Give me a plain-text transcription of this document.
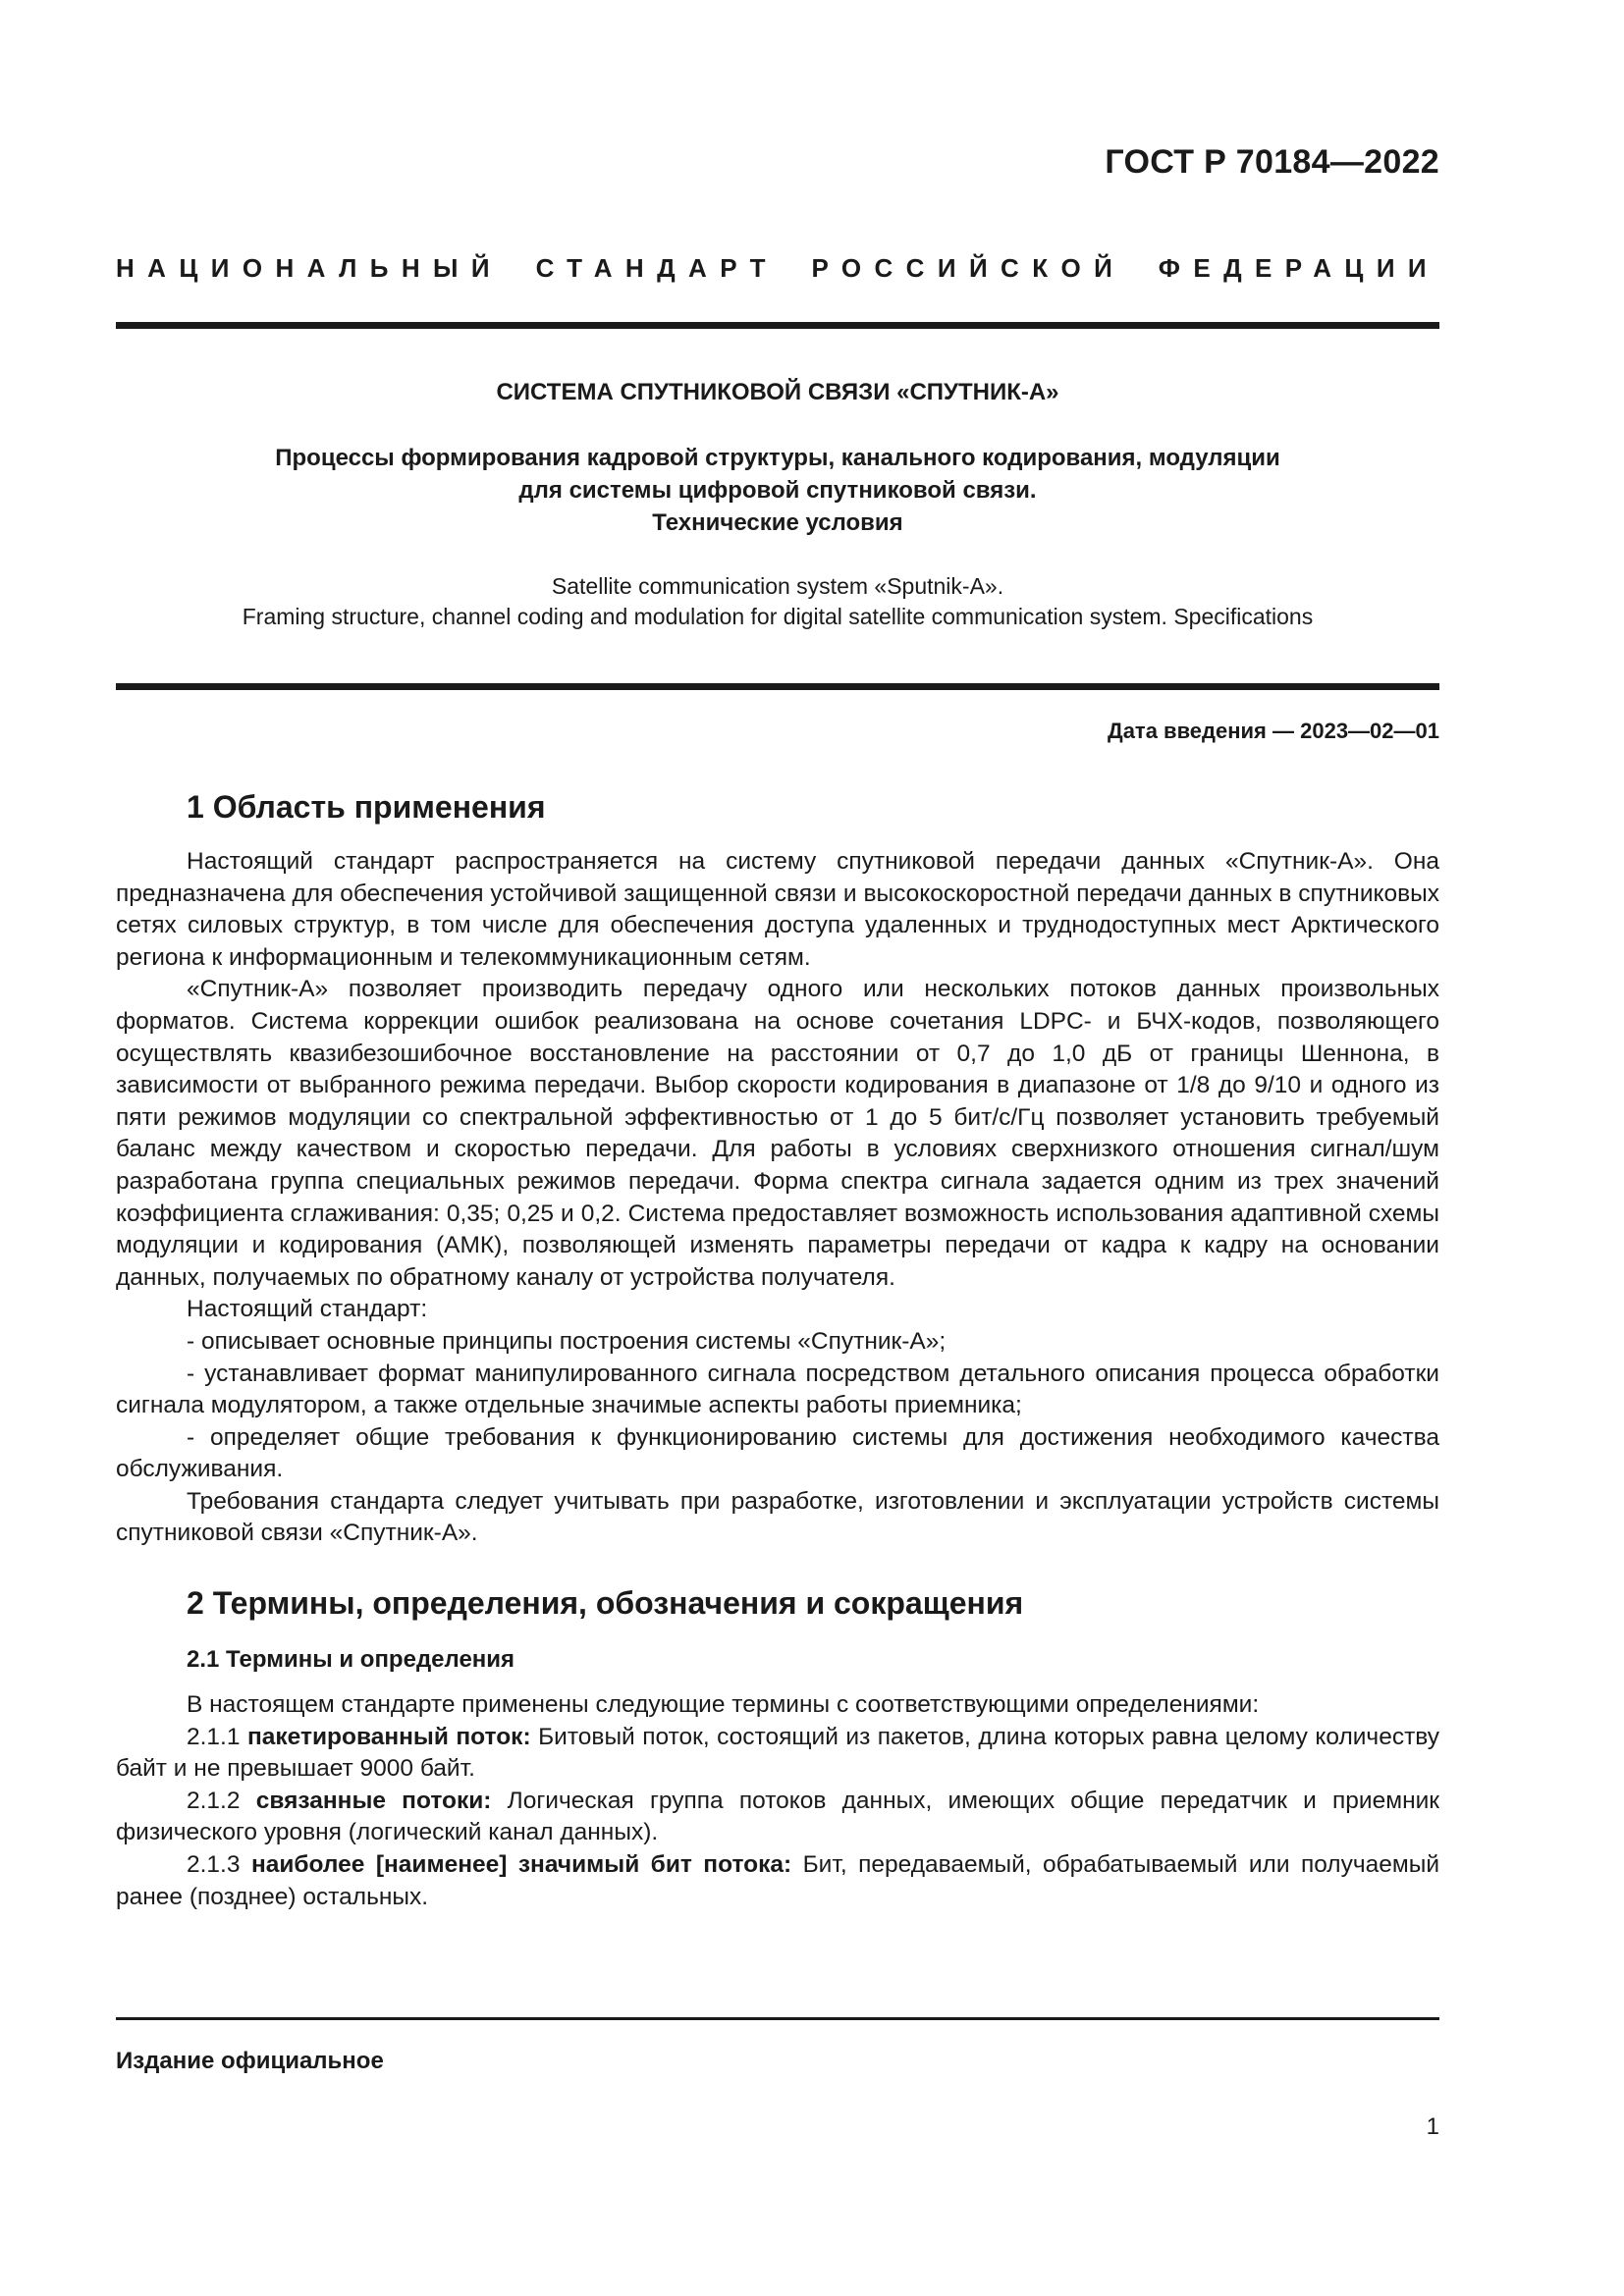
ГОСТ Р 70184—2022
НАЦИОНАЛЬНЫЙ СТАНДАРТ РОССИЙСКОЙ ФЕДЕРАЦИИ
СИСТЕМА СПУТНИКОВОЙ СВЯЗИ «СПУТНИК-А»
Процессы формирования кадровой структуры, канального кодирования, модуляции
для системы цифровой спутниковой связи.
Технические условия
Satellite communication system «Sputnik-A».
Framing structure, channel coding and modulation for digital satellite communication system. Specifications
Дата введения — 2023—02—01
1 Область применения

Настоящий стандарт распространяется на систему спутниковой передачи данных «Спутник-А». Она предназначена для обеспечения устойчивой защищенной связи и высокоскоростной передачи данных в спутниковых сетях силовых структур, в том числе для обеспечения доступа удаленных и труднодоступных мест Арктического региона к информационным и телекоммуникационным сетям.

«Спутник-А» позволяет производить передачу одного или нескольких потоков данных произвольных форматов. Система коррекции ошибок реализована на основе сочетания LDPC- и БЧХ-кодов, позволяющего осуществлять квазибезошибочное восстановление на расстоянии от 0,7 до 1,0 дБ от границы Шеннона, в зависимости от выбранного режима передачи. Выбор скорости кодирования в диапазоне от 1/8 до 9/10 и одного из пяти режимов модуляции со спектральной эффективностью от 1 до 5 бит/с/Гц позволяет установить требуемый баланс между качеством и скоростью передачи. Для работы в условиях сверхнизкого отношения сигнал/шум разработана группа специальных режимов передачи. Форма спектра сигнала задается одним из трех значений коэффициента сглаживания: 0,35; 0,25 и 0,2. Система предоставляет возможность использования адаптивной схемы модуляции и кодирования (АМК), позволяющей изменять параметры передачи от кадра к кадру на основании данных, получаемых по обратному каналу от устройства получателя.

Настоящий стандарт:

- описывает основные принципы построения системы «Спутник-А»;

- устанавливает формат манипулированного сигнала посредством детального описания процесса обработки сигнала модулятором, а также отдельные значимые аспекты работы приемника;

- определяет общие требования к функционированию системы для достижения необходимого качества обслуживания.

Требования стандарта следует учитывать при разработке, изготовлении и эксплуатации устройств системы спутниковой связи «Спутник-А».

2 Термины, определения, обозначения и сокращения
2.1 Термины и определения

В настоящем стандарте применены следующие термины с соответствующими определениями:

2.1.1 пакетированный поток: Битовый поток, состоящий из пакетов, длина которых равна целому количеству байт и не превышает 9000 байт.

2.1.2 связанные потоки: Логическая группа потоков данных, имеющих общие передатчик и приемник физического уровня (логический канал данных).

2.1.3 наиболее [наименее] значимый бит потока: Бит, передаваемый, обрабатываемый или получаемый ранее (позднее) остальных.

Издание официальное
1
